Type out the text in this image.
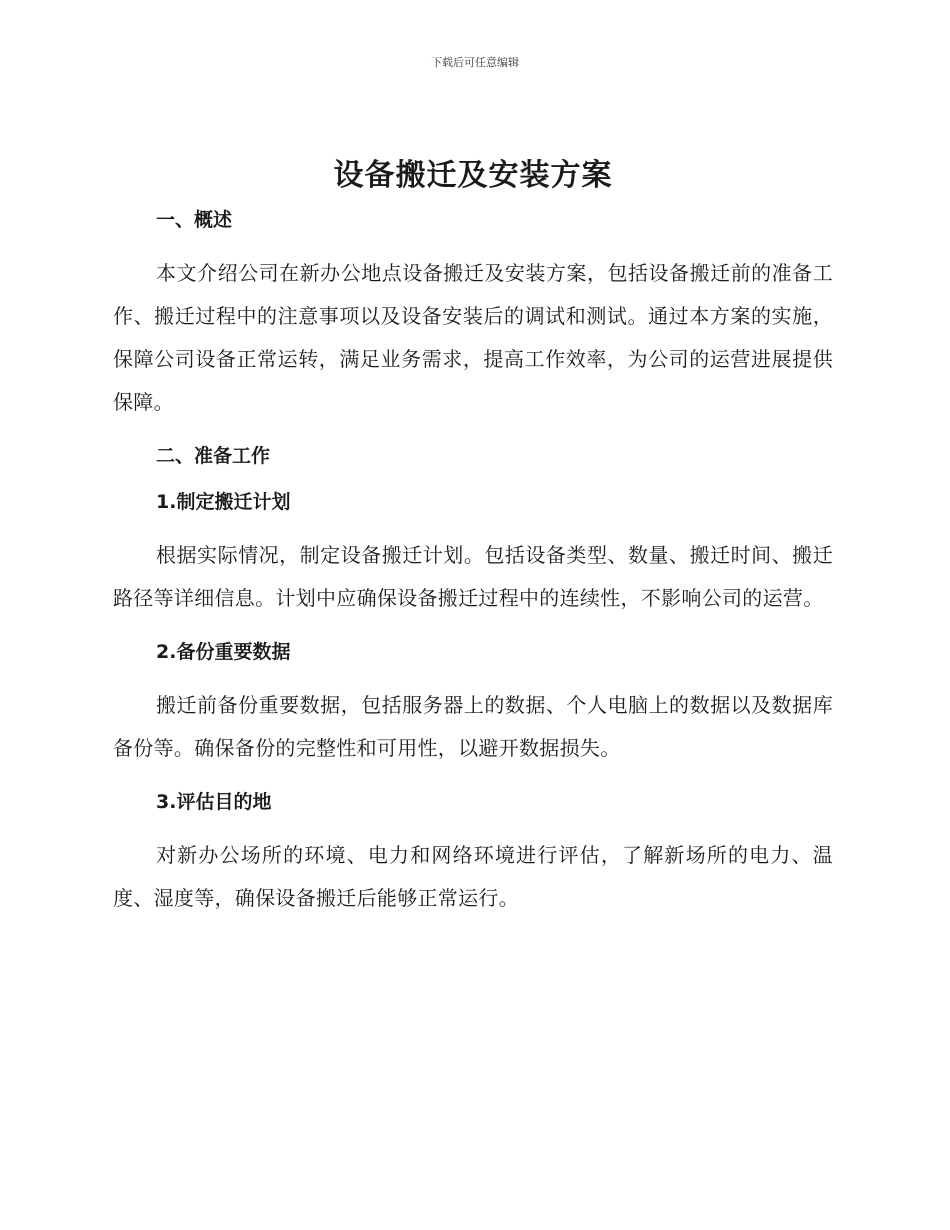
下载后可任意编辑
设备搬迁及安装方案
一、概述

本文介绍公司在新办公地点设备搬迁及安装方案，包括设备搬迁前的准备工作、搬迁过程中的注意事项以及设备安装后的调试和测试。通过本方案的实施，保障公司设备正常运转，满足业务需求，提高工作效率，为公司的运营进展提供保障。

二、准备工作
1.制定搬迁计划

根据实际情况，制定设备搬迁计划。包括设备类型、数量、搬迁时间、搬迁路径等详细信息。计划中应确保设备搬迁过程中的连续性，不影响公司的运营。

2.备份重要数据

搬迁前备份重要数据，包括服务器上的数据、个人电脑上的数据以及数据库备份等。确保备份的完整性和可用性，以避开数据损失。

3.评估目的地

对新办公场所的环境、电力和网络环境进行评估，了解新场所的电力、温度、湿度等，确保设备搬迁后能够正常运行。
